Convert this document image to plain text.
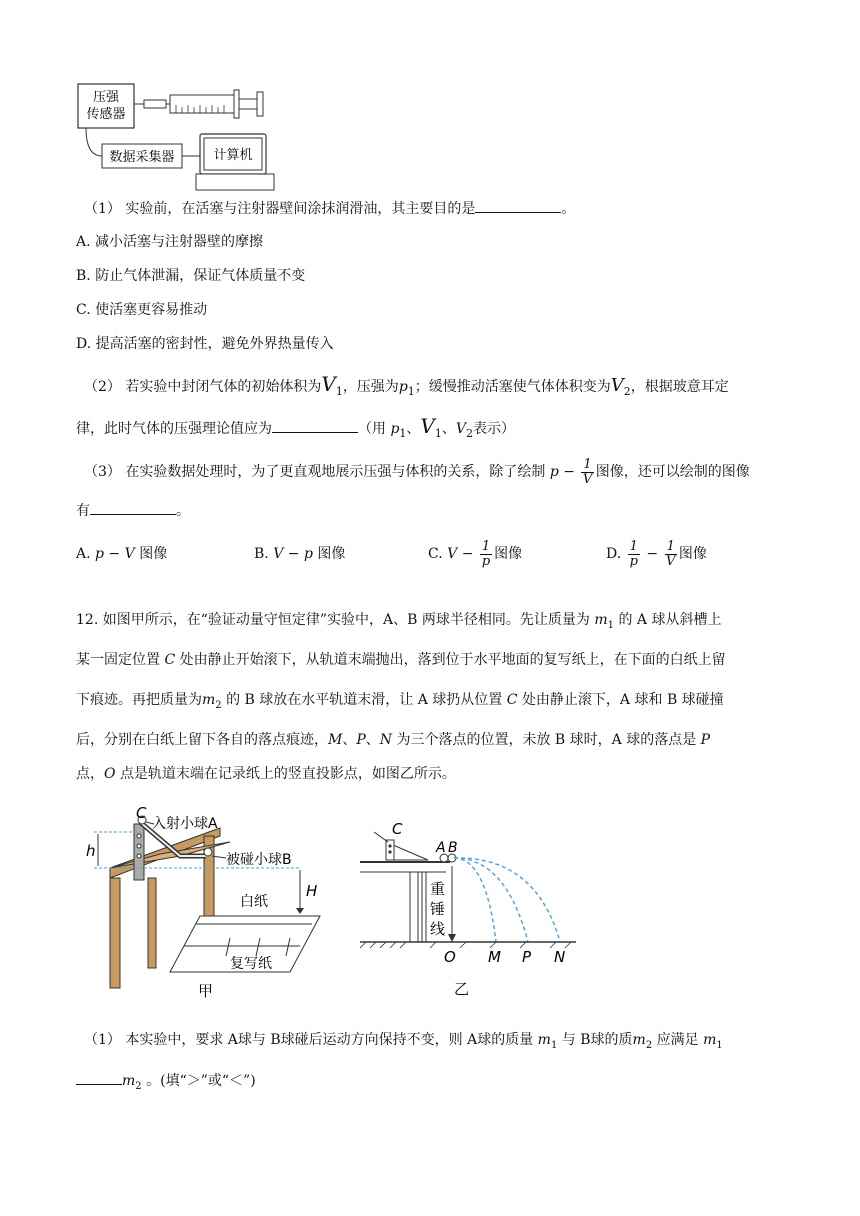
压强
传感器
数据采集器	计算机
（1） 实验前，在活塞与注射器壁间涂抹润滑油，其主要目的是	。
A. 减小活塞与注射器壁的摩擦
B. 防止气体泄漏，保证气体质量不变
C. 使活塞更容易推动
D. 提高活塞的密封性，避免外界热量传入
（2） 若实验中封闭气体的初始体积为$V_1$，压强为$p_1$；缓慢推动活塞使气体体积变为$V_2$，根据玻意耳定
律，此时气体的压强理论值应为	（用 $p_1$、$V_1$、$V_2$表示）
（3） 在实验数据处理时，为了更直观地展示压强与体积的关系，除了绘制 $p - \frac{1}{V}$ 图像，还可以绘制的图像
有	。
A. p − V 图像	B. V − p 图像	C. $V - \frac{1}{p}$ 图像	D. $\frac{1}{p} - \frac{1}{V}$ 图像
12. 如图甲所示，在“验证动量守恒定律”实验中，A、B 两球半径相同。先让质量为 $m_1$ 的 A 球从斜槽上
某一固定位置 C 处由静止开始滚下，从轨道末端抛出，落到位于水平地面的复写纸上，在下面的白纸上留
下痕迹。再把质量为$m_2$ 的 B 球放在水平轨道末滑，让 A 球扔从位置 C 处由静止滚下，A 球和 B 球碰撞
后，分别在白纸上留下各自的落点痕迹，M、P、N 为三个落点的位置，未放 B 球时，A 球的落点是 P
点，O 点是轨道末端在记录纸上的竖直投影点，如图乙所示。
C
入射小球A
h	被碰小球B
H
白纸
复写纸
甲
C
A B
重
锤
线
O M P N
乙
（1） 本实验中，要求 A球与 B球碰后运动方向保持不变，则 A球的质量 $m_1$ 与 B球的质$m_2$ 应满足 $m_1$
$m_2$ 。(填“＞”或“＜”)
